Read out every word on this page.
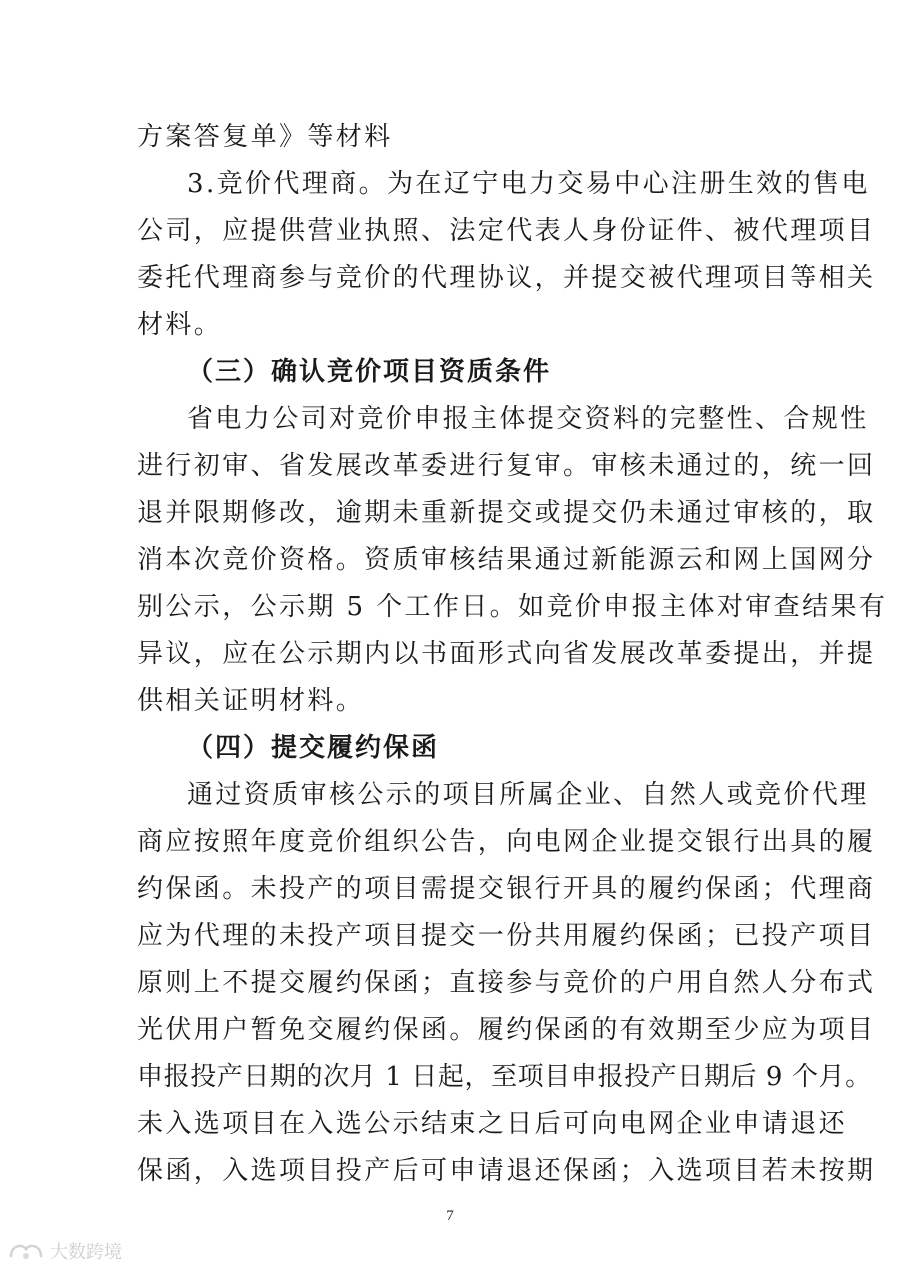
方案答复单》等材料
3.竞价代理商。为在辽宁电力交易中心注册生效的售电
公司，应提供营业执照、法定代表人身份证件、被代理项目
委托代理商参与竞价的代理协议，并提交被代理项目等相关
材料。
（三）确认竞价项目资质条件
省电力公司对竞价申报主体提交资料的完整性、合规性
进行初审、省发展改革委进行复审。审核未通过的，统一回
退并限期修改，逾期未重新提交或提交仍未通过审核的，取
消本次竞价资格。资质审核结果通过新能源云和网上国网分
别公示，公示期 5 个工作日。如竞价申报主体对审查结果有
异议，应在公示期内以书面形式向省发展改革委提出，并提
供相关证明材料。
（四）提交履约保函
通过资质审核公示的项目所属企业、自然人或竞价代理
商应按照年度竞价组织公告，向电网企业提交银行出具的履
约保函。未投产的项目需提交银行开具的履约保函；代理商
应为代理的未投产项目提交一份共用履约保函；已投产项目
原则上不提交履约保函；直接参与竞价的户用自然人分布式
光伏用户暂免交履约保函。履约保函的有效期至少应为项目
申报投产日期的次月 1 日起，至项目申报投产日期后 9 个月。
未入选项目在入选公示结束之日后可向电网企业申请退还
保函，入选项目投产后可申请退还保函；入选项目若未按期
7
大数跨境
